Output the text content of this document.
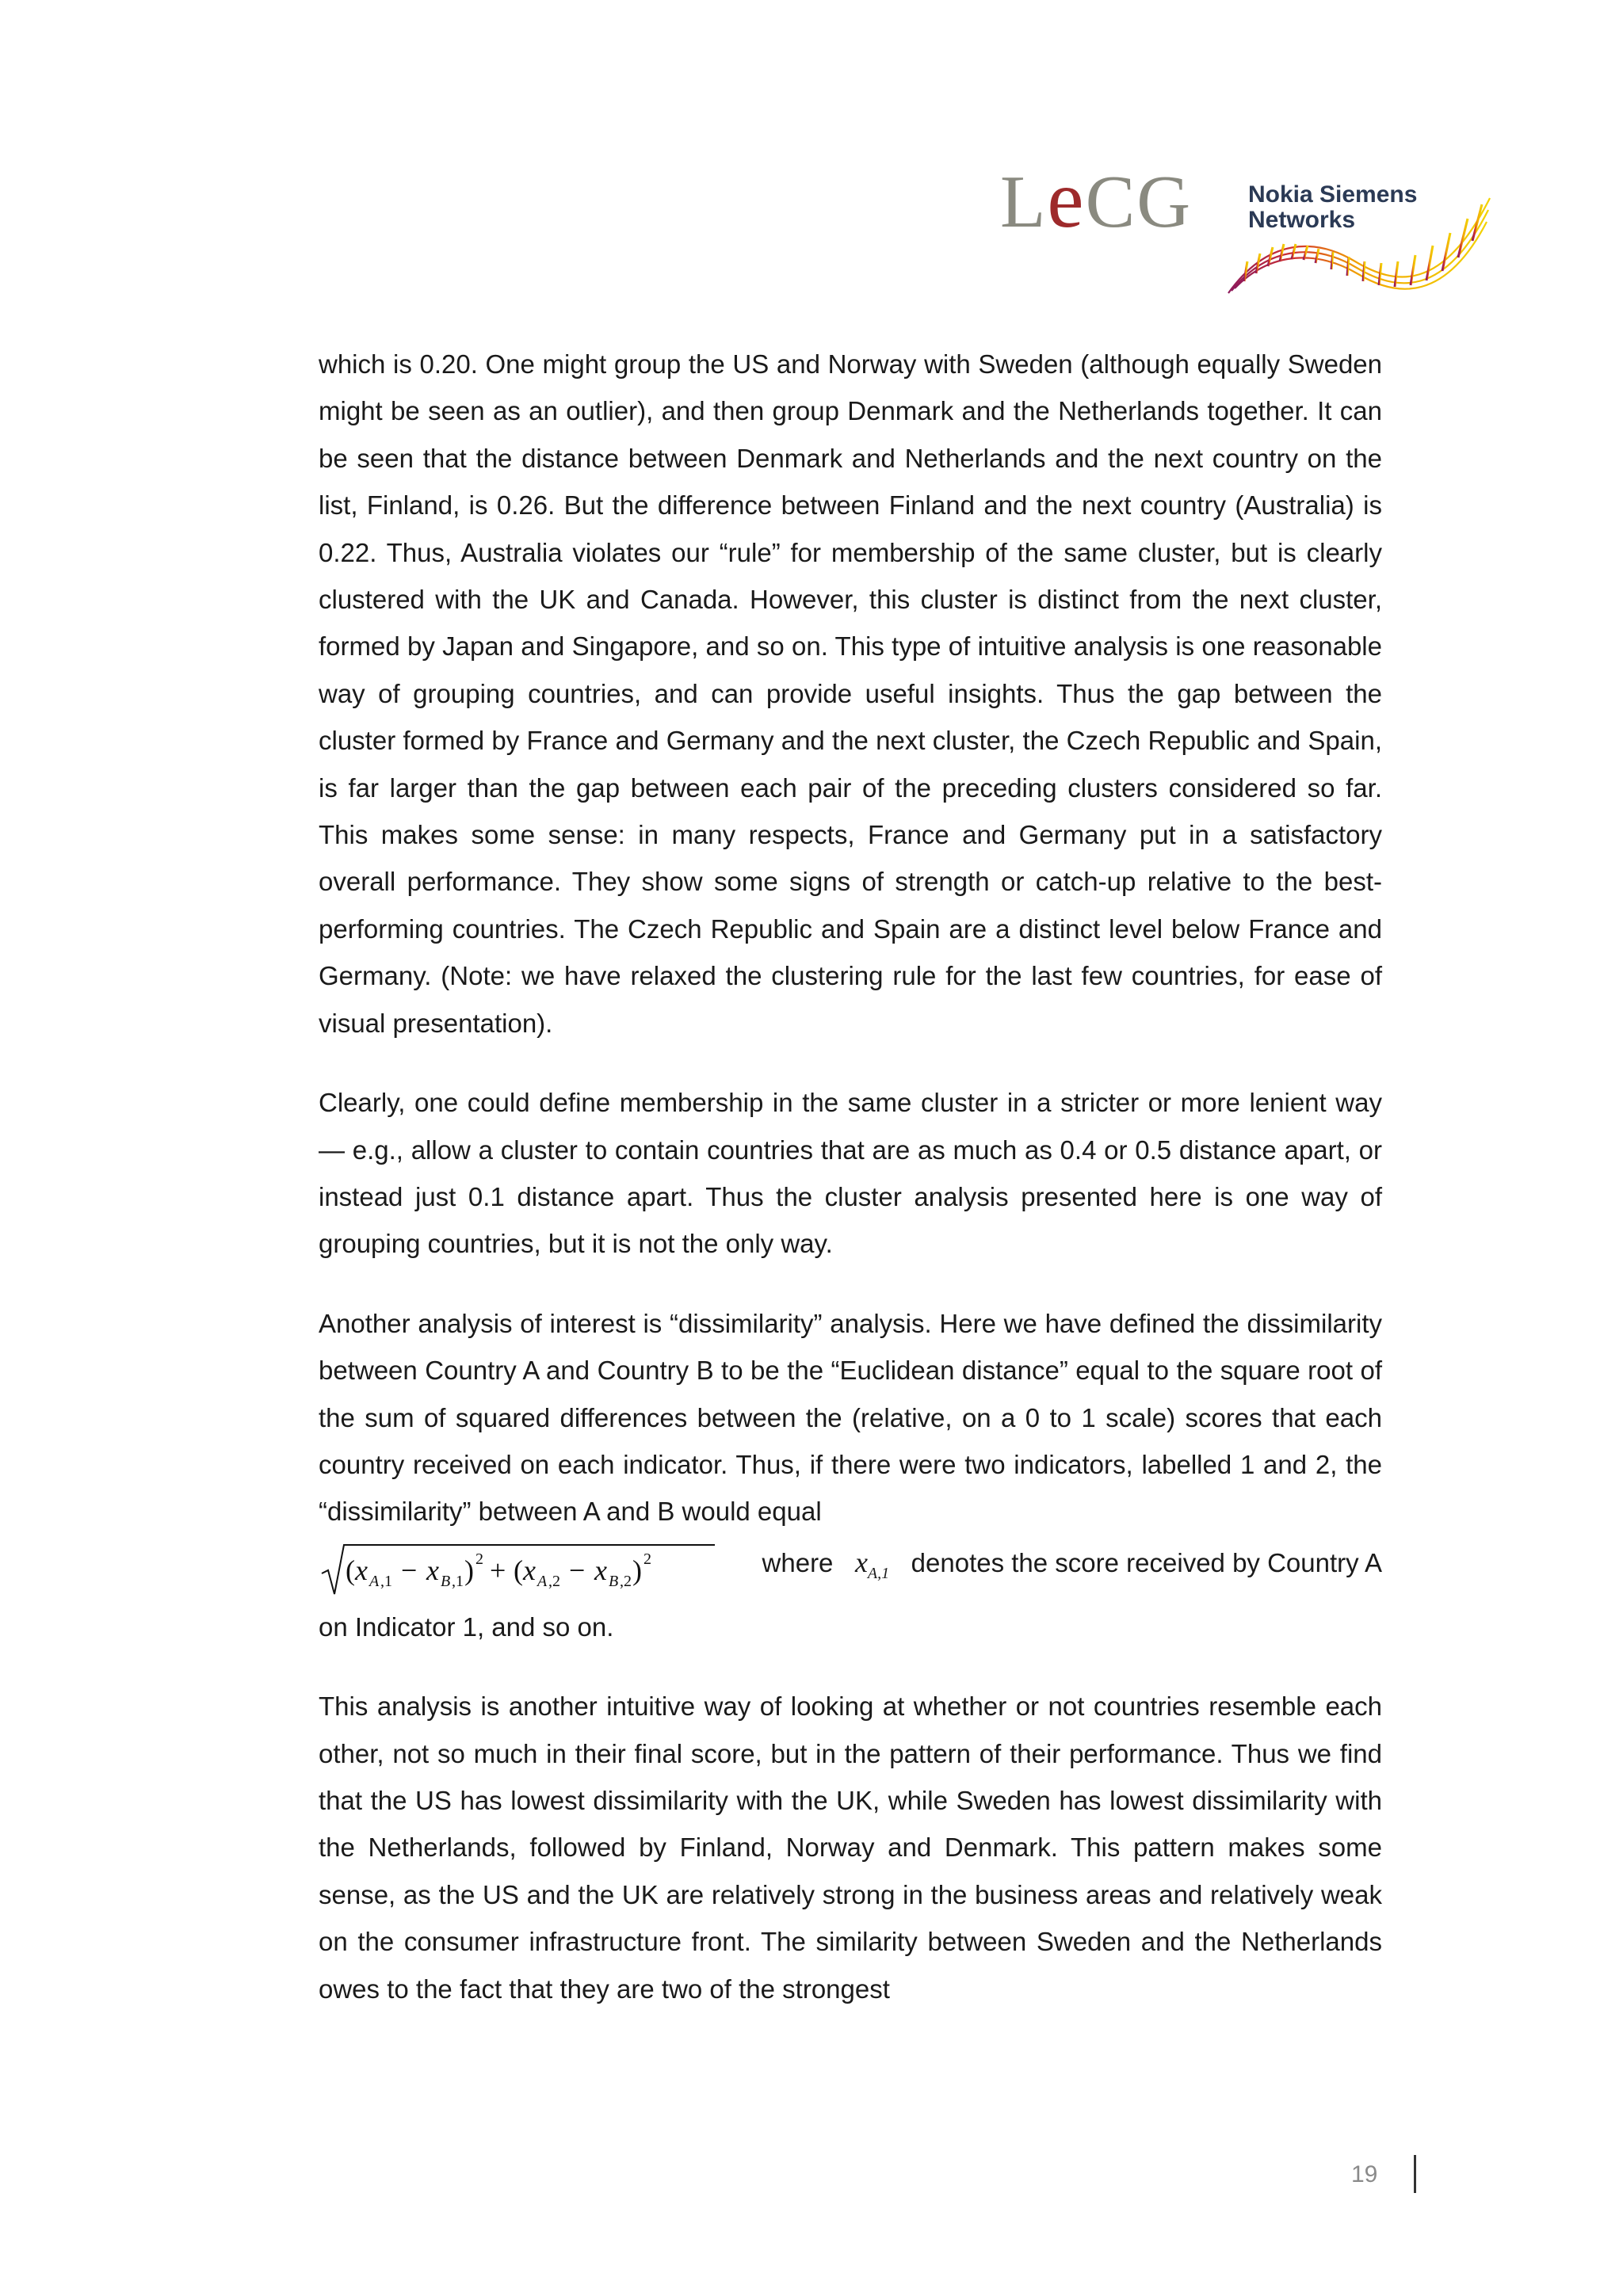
LeCG Nokia Siemens
Networks

which is 0.20. One might group the US and Norway with Sweden (although equally Sweden might be seen as an outlier), and then group Denmark and the Netherlands together. It can be seen that the distance between Denmark and Netherlands and the next country on the list, Finland, is 0.26. But the difference between Finland and the next country (Australia) is 0.22. Thus, Australia violates our “rule” for membership of the same cluster, but is clearly clustered with the UK and Canada. However, this cluster is distinct from the next cluster, formed by Japan and Singapore, and so on. This type of intuitive analysis is one reasonable way of grouping countries, and can provide useful insights. Thus the gap between the cluster formed by France and Germany and the next cluster, the Czech Republic and Spain, is far larger than the gap between each pair of the preceding clusters considered so far. This makes some sense: in many respects, France and Germany put in a satisfactory overall performance. They show some signs of strength or catch-up relative to the best-performing countries. The Czech Republic and Spain are a distinct level below France and Germany. (Note: we have relaxed the clustering rule for the last few countries, for ease of visual presentation).

Clearly, one could define membership in the same cluster in a stricter or more lenient way — e.g., allow a cluster to contain countries that are as much as 0.4 or 0.5 distance apart, or instead just 0.1 distance apart. Thus the cluster analysis presented here is one way of grouping countries, but it is not the only way.

Another analysis of interest is “dissimilarity” analysis. Here we have defined the dissimilarity between Country A and Country B to be the “Euclidean distance” equal to the square root of the sum of squared differences between the (relative, on a 0 to 1 scale) scores that each country received on each indicator. Thus, if there were two indicators, labelled 1 and 2, the “dissimilarity” between A and B would equal

( x A ,1 − x B ,1 ) 2 + ( x A ,2 − x B ,2 ) 2	where $x_{A,1}$ denotes the score received by Country A

on Indicator 1, and so on.

This analysis is another intuitive way of looking at whether or not countries resemble each other, not so much in their final score, but in the pattern of their performance. Thus we find that the US has lowest dissimilarity with the UK, while Sweden has lowest dissimilarity with the Netherlands, followed by Finland, Norway and Denmark. This pattern makes some sense, as the US and the UK are relatively strong in the business areas and relatively weak on the consumer infrastructure front. The similarity between Sweden and the Netherlands owes to the fact that they are two of the strongest

19
